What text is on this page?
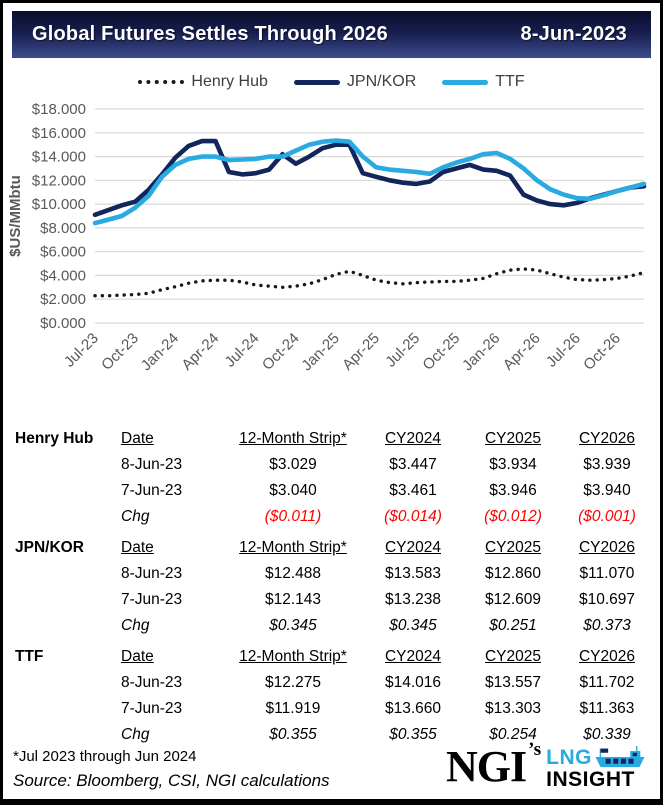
Global Futures Settles Through 2026	8-Jun-2023
Henry Hub	JPN/KOR	TTF
$0.000
$2.000
$4.000
$6.000
$8.000
$10.000
$12.000
$14.000
$16.000
$18.000
Jul-23
Oct-23
Jan-24
Apr-24 Jul-24
Oct-24
Jan-25
Apr-25 Jul-25
Oct-25
Jan-26
Apr-26 Jul-26
Oct-26
$US/MMbtu
Henry Hub	Date	12-Month Strip*	CY2024	CY2025	CY2026
8-Jun-23	$3.029	$3.447	$3.934	$3.939
7-Jun-23	$3.040	$3.461	$3.946	$3.940
Chg	($0.011)	($0.014)	($0.012)	($0.001)
JPN/KOR	Date	12-Month Strip*	CY2024	CY2025	CY2026
8-Jun-23	$12.488	$13.583	$12.860	$11.070
7-Jun-23	$12.143	$13.238	$12.609	$10.697
Chg	$0.345	$0.345	$0.251	$0.373
TTF	Date	12-Month Strip*	CY2024	CY2025	CY2026
8-Jun-23	$12.275	$14.016	$13.557	$11.702
7-Jun-23	$11.919	$13.660	$13.303	$11.363
Chg	$0.355	$0.355	$0.254	$0.339
*Jul 2023 through Jun 2024
Source: Bloomberg, CSI, NGI calculations	NGI ’s LNG
INSIGHT
